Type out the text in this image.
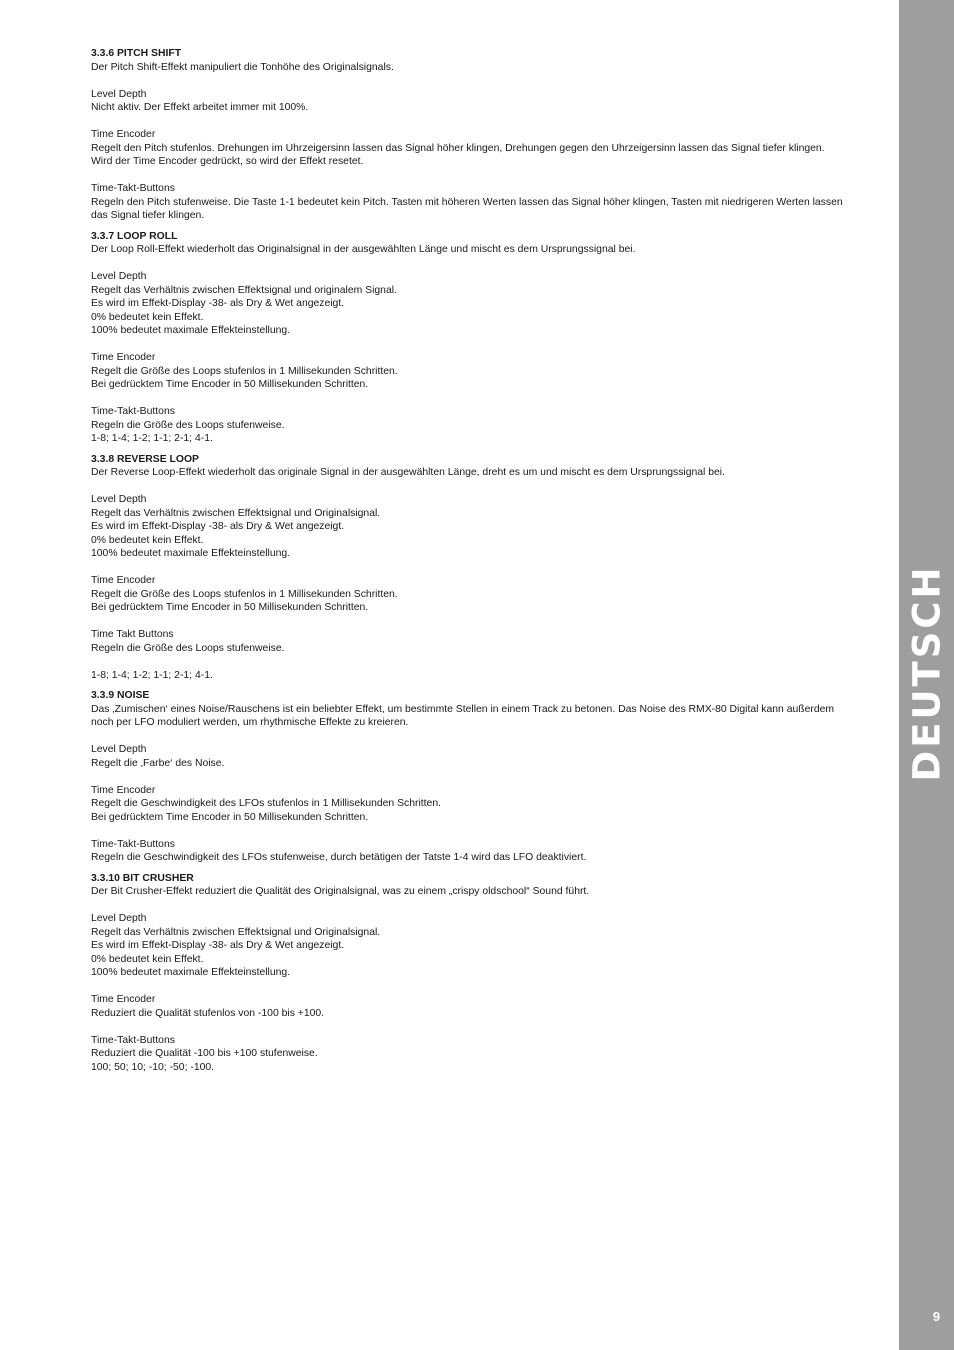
3.3.6 PITCH SHIFT
Der Pitch Shift-Effekt manipuliert die Tonhöhe des Originalsignals.
Level Depth
Nicht aktiv. Der Effekt arbeitet immer mit 100%.
Time Encoder
Regelt den Pitch stufenlos. Drehungen im Uhrzeigersinn lassen das Signal höher klingen, Drehungen gegen den Uhrzeigersinn lassen das Signal tiefer klingen.
Wird der Time Encoder gedrückt, so wird der Effekt resetet.
Time-Takt-Buttons
Regeln den Pitch stufenweise. Die Taste 1-1 bedeutet kein Pitch. Tasten mit höheren Werten lassen das Signal höher klingen, Tasten mit niedrigeren Werten lassen das Signal tiefer klingen.
3.3.7 LOOP ROLL
Der Loop Roll-Effekt wiederholt das Originalsignal in der ausgewählten Länge und mischt es dem Ursprungssignal bei.
Level Depth
Regelt das Verhältnis zwischen Effektsignal und originalem Signal.
Es wird im Effekt-Display -38- als Dry & Wet angezeigt.
0% bedeutet kein Effekt.
100% bedeutet maximale Effekteinstellung.
Time Encoder
Regelt die Größe des Loops stufenlos in 1 Millisekunden Schritten.
Bei gedrücktem Time Encoder in 50 Millisekunden Schritten.
Time-Takt-Buttons
Regeln die Größe des Loops stufenweise.
1-8; 1-4; 1-2; 1-1; 2-1; 4-1.
3.3.8 REVERSE LOOP
Der Reverse Loop-Effekt wiederholt das originale Signal in der ausgewählten Länge, dreht es um und mischt es dem Ursprungssignal bei.
Level Depth
Regelt das Verhältnis zwischen Effektsignal und Originalsignal.
Es wird im Effekt-Display -38- als Dry & Wet angezeigt.
0% bedeutet kein Effekt.
100% bedeutet maximale Effekteinstellung.
Time Encoder
Regelt die Größe des Loops stufenlos in 1 Millisekunden Schritten.
Bei gedrücktem Time Encoder in 50 Millisekunden Schritten.
Time Takt Buttons
Regeln die Größe des Loops stufenweise.
1-8; 1-4; 1-2; 1-1; 2-1; 4-1.
3.3.9 NOISE
Das ‚Zumischen‘ eines Noise/Rauschens ist ein beliebter Effekt, um bestimmte Stellen in einem Track zu betonen. Das Noise des RMX-80 Digital kann außerdem noch per LFO moduliert werden, um rhythmische Effekte zu kreieren.
Level Depth
Regelt die ‚Farbe‘ des Noise.
Time Encoder
Regelt die Geschwindigkeit des LFOs stufenlos in 1 Millisekunden Schritten.
Bei gedrücktem Time Encoder in 50 Millisekunden Schritten.
Time-Takt-Buttons
Regeln die Geschwindigkeit des LFOs stufenweise, durch betätigen der Tatste 1-4 wird das LFO deaktiviert.
3.3.10 BIT CRUSHER
Der Bit Crusher-Effekt reduziert die Qualität des Originalsignal, was zu einem „crispy oldschool“ Sound führt.
Level Depth
Regelt das Verhältnis zwischen Effektsignal und Originalsignal.
Es wird im Effekt-Display -38- als Dry & Wet angezeigt.
0% bedeutet kein Effekt.
100% bedeutet maximale Effekteinstellung.
Time Encoder
Reduziert die Qualität stufenlos von -100 bis +100.
Time-Takt-Buttons
Reduziert die Qualität -100 bis +100 stufenweise.
100; 50; 10; -10; -50; -100.
DEUTSCH
9
